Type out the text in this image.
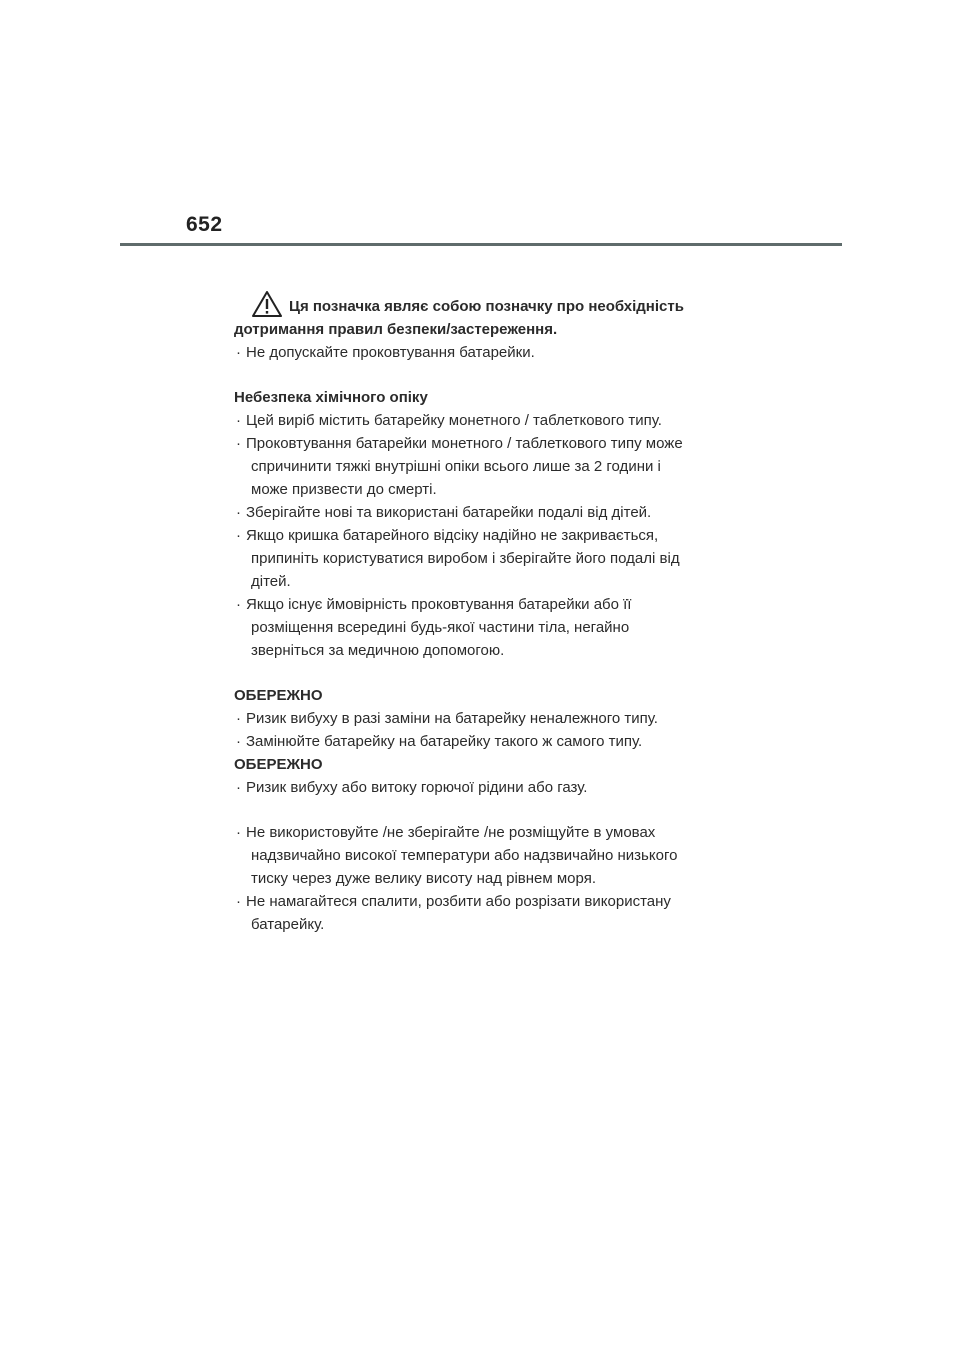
652
Ця позначка являє собою позначку про необхідність
дотримання правил безпеки/застереження.
· Не допускайте проковтування батарейки.
Небезпека хімічного опіку
· Цей виріб містить батарейку монетного / таблеткового типу.
· Проковтування батарейки монетного / таблеткового типу може
спричинити тяжкі внутрішні опіки всього лише за 2 години і
може призвести до смерті.
· Зберігайте нові та використані батарейки подалі від дітей.
· Якщо кришка батарейного відсіку надійно не закривається,
припиніть користуватися виробом і зберігайте його подалі від
дітей.
· Якщо існує ймовірність проковтування батарейки або її
розміщення всередині будь-якої частини тіла, негайно
зверніться за медичною допомогою.
ОБЕРЕЖНО
· Ризик вибуху в разі заміни на батарейку неналежного типу.
· Замінюйте батарейку на батарейку такого ж самого типу.
ОБЕРЕЖНО
· Ризик вибуху або витоку горючої рідини або газу.
· Не використовуйте /не зберігайте /не розміщуйте в умовах
надзвичайно високої температури або надзвичайно низького
тиску через дуже велику висоту над рівнем моря.
· Не намагайтеся спалити, розбити або розрізати використану
батарейку.
